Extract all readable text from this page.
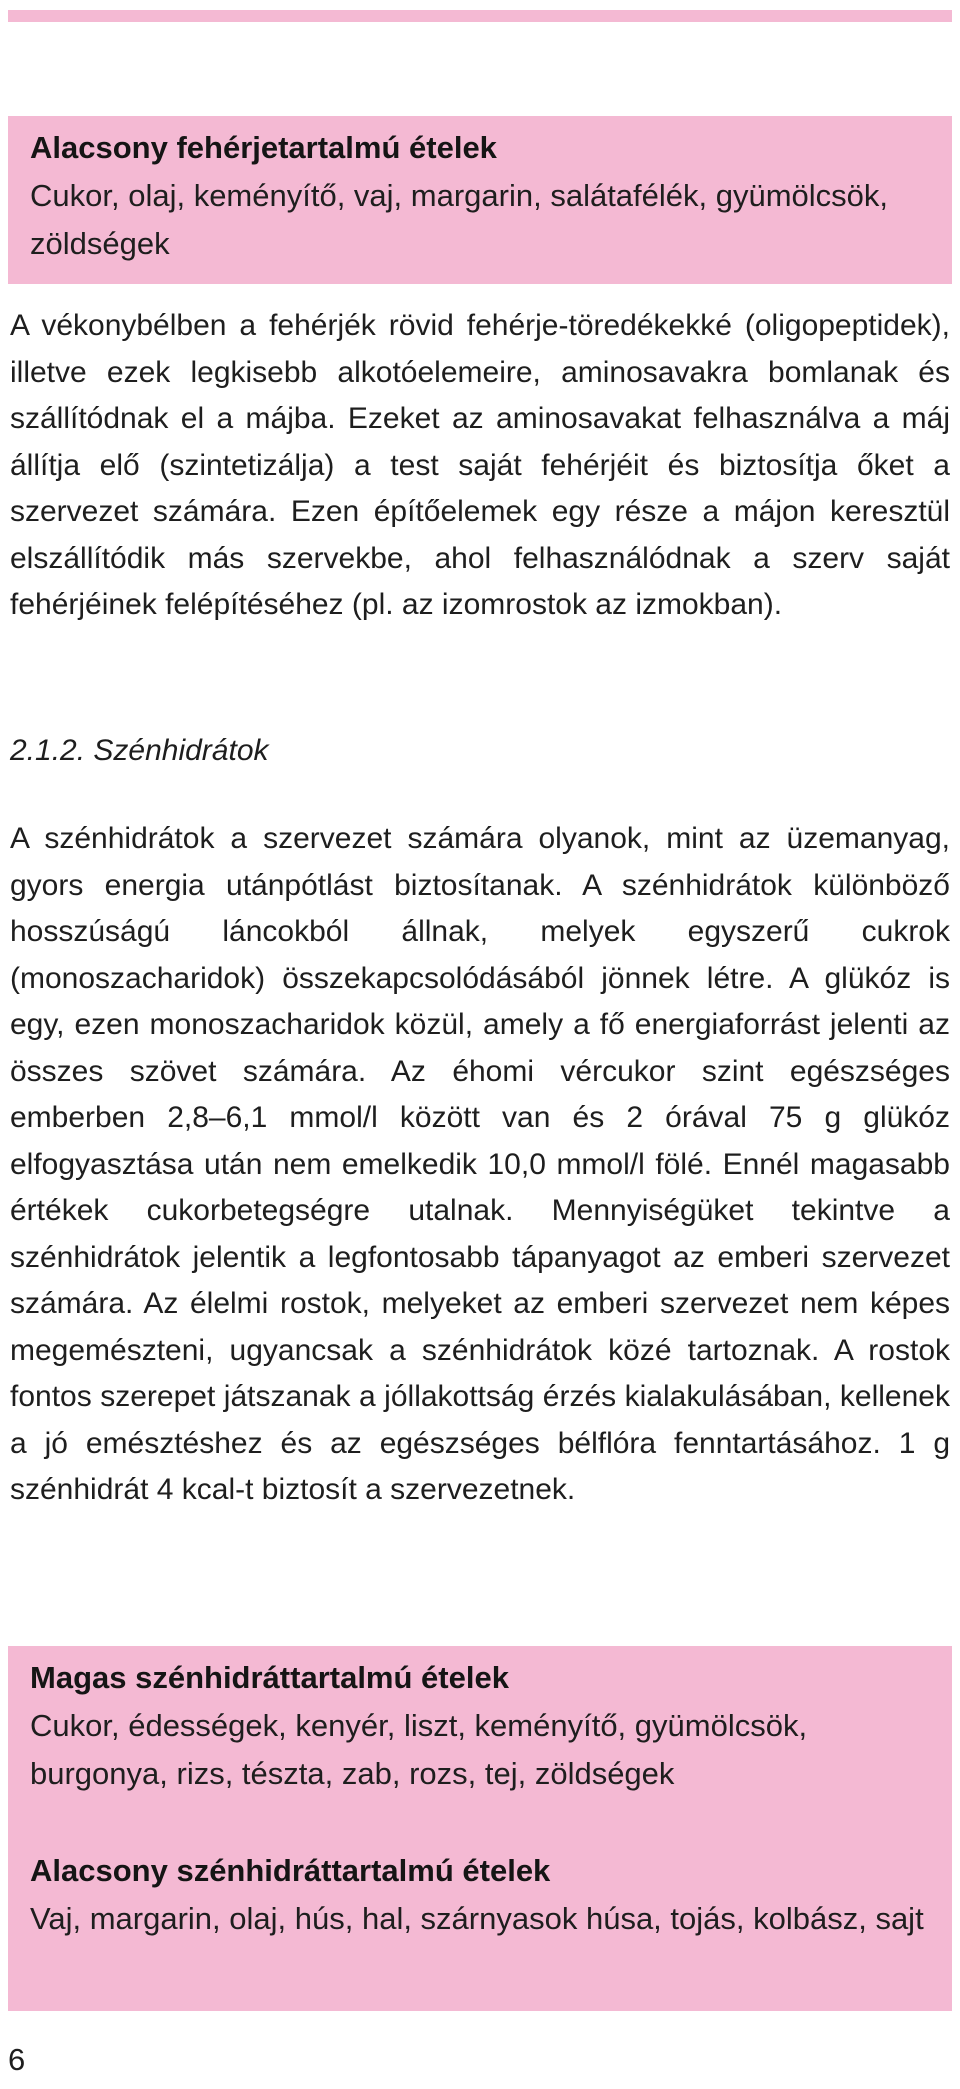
Alacsony fehérjetartalmú ételek

Cukor, olaj, keményítő, vaj, margarin, salátafélék, gyümölcsök, zöldségek

A vékonybélben a fehérjék rövid fehérje-töredékekké (oligopeptidek), illetve ezek legkisebb alkotóelemeire, aminosavakra bomlanak és szállítódnak el a májba. Ezeket az aminosavakat felhasználva a máj állítja elő (szintetizálja) a test saját fehérjéit és biztosítja őket a szervezet számára. Ezen építőelemek egy része a májon keresztül elszállítódik más szervekbe, ahol felhasználódnak a szerv saját fehérjéinek felépítéséhez (pl. az izomrostok az izmokban).

2.1.2. Szénhidrátok

A szénhidrátok a szervezet számára olyanok, mint az üzemanyag, gyors energia utánpótlást biztosítanak. A szénhidrátok különböző hosszúságú láncokból állnak, melyek egyszerű cukrok (monoszacharidok) összekapcsolódásából jönnek létre. A glükóz is egy, ezen monoszacharidok közül, amely a fő energiaforrást jelenti az összes szövet számára. Az éhomi vércukor szint egészséges emberben 2,8–6,1 mmol/l között van és 2 órával 75 g glükóz elfogyasztása után nem emelkedik 10,0 mmol/l fölé. Ennél magasabb értékek cukorbetegségre utalnak. Mennyiségüket tekintve a szénhidrátok jelentik a legfontosabb tápanyagot az emberi szervezet számára. Az élelmi rostok, melyeket az emberi szervezet nem képes megemészteni, ugyancsak a szénhidrátok közé tartoznak. A rostok fontos szerepet játszanak a jóllakottság érzés kialakulásában, kellenek a jó emésztéshez és az egészséges bélflóra fenntartásához. 1 g szénhidrát 4 kcal-t biztosít a szervezetnek.

Magas szénhidráttartalmú ételek

Cukor, édességek, kenyér, liszt, keményítő, gyümölcsök, burgonya, rizs, tészta, zab, rozs, tej, zöldségek

Alacsony szénhidráttartalmú ételek

Vaj, margarin, olaj, hús, hal, szárnyasok húsa, tojás, kolbász, sajt

6
